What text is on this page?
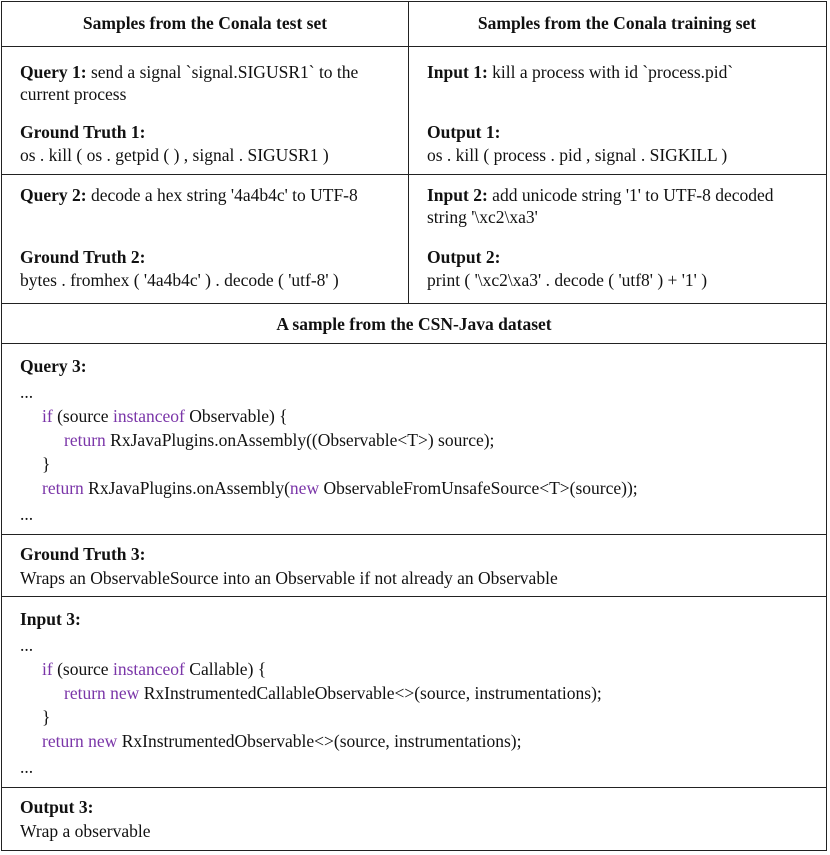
Samples from the Conala test set	Samples from the Conala training set
Query 1: send a signal `signal.SIGUSR1` to the current process
Ground Truth 1:
os . kill ( os . getpid ( ) , signal . SIGUSR1 )
Input 1: kill a process with id `process.pid`
Output 1:
os . kill ( process . pid , signal . SIGKILL )
Query 2: decode a hex string '4a4b4c' to UTF-8
Ground Truth 2:
bytes . fromhex ( '4a4b4c' ) . decode ( 'utf-8' )
Input 2: add unicode string '1' to UTF-8 decoded string '\xc2\xa3'
Output 2:
print ( '\xc2\xa3' . decode ( 'utf8' ) + '1' )
A sample from the CSN-Java dataset
Query 3:
...
if (source instanceof Observable) {
return RxJavaPlugins.onAssembly((Observable<T>) source);
}
return RxJavaPlugins.onAssembly(new ObservableFromUnsafeSource<T>(source));
...
Ground Truth 3:
Wraps an ObservableSource into an Observable if not already an Observable
Input 3:
...
if (source instanceof Callable) {
return new RxInstrumentedCallableObservable<>(source, instrumentations);
}
return new RxInstrumentedObservable<>(source, instrumentations);
...
Output 3:
Wrap a observable
